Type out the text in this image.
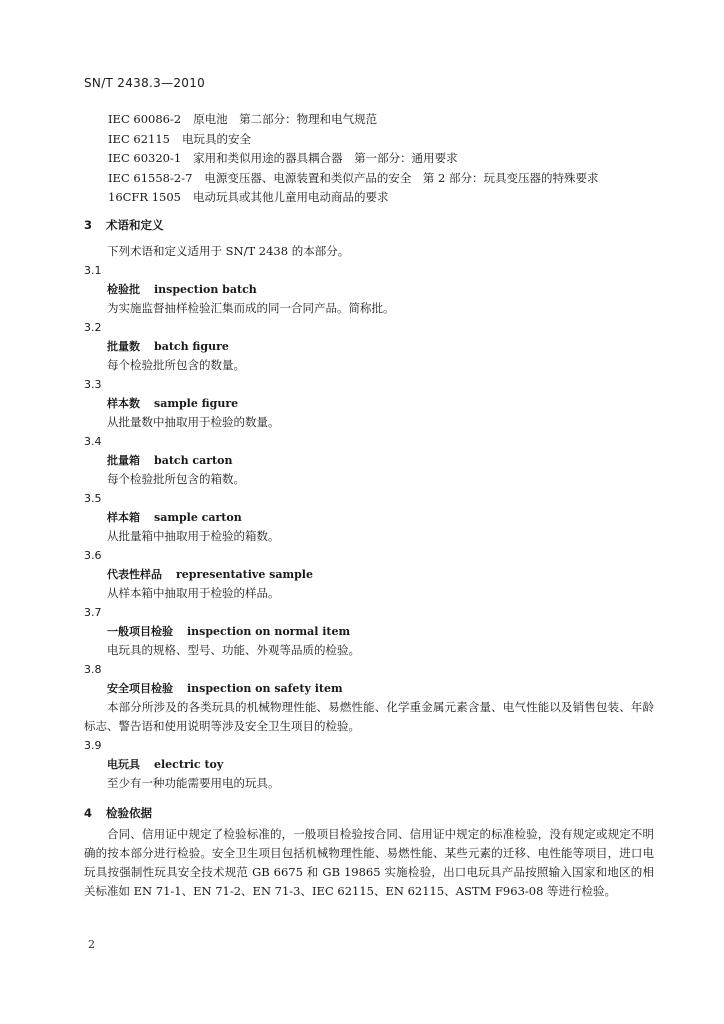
SN/T 2438.3—2010
IEC 60086-2 原电池　第二部分：物理和电气规范
IEC 62115 电玩具的安全
IEC 60320-1 家用和类似用途的器具耦合器　第一部分：通用要求
IEC 61558-2-7 电源变压器、电源装置和类似产品的安全　第 2 部分：玩具变压器的特殊要求
16CFR 1505 电动玩具或其他儿童用电动商品的要求
3 术语和定义
下列术语和定义适用于 SN/T 2438 的本部分。
3.1
检验批 inspection batch
为实施监督抽样检验汇集而成的同一合同产品。简称批。
3.2
批量数 batch figure
每个检验批所包含的数量。
3.3
样本数 sample figure
从批量数中抽取用于检验的数量。
3.4
批量箱 batch carton
每个检验批所包含的箱数。
3.5
样本箱 sample carton
从批量箱中抽取用于检验的箱数。
3.6
代表性样品 representative sample
从样本箱中抽取用于检验的样品。
3.7
一般项目检验 inspection on normal item
电玩具的规格、型号、功能、外观等品质的检验。
3.8
安全项目检验 inspection on safety item
本部分所涉及的各类玩具的机械物理性能、易燃性能、化学重金属元素含量、电气性能以及销售包装、年龄标志、警告语和使用说明等涉及安全卫生项目的检验。
3.9
电玩具 electric toy
至少有一种功能需要用电的玩具。
4 检验依据
合同、信用证中规定了检验标准的，一般项目检验按合同、信用证中规定的标准检验，没有规定或规定不明确的按本部分进行检验。安全卫生项目包括机械物理性能、易燃性能、某些元素的迁移、电性能等项目，进口电玩具按强制性玩具安全技术规范 GB 6675 和 GB 19865 实施检验，出口电玩具产品按照输入国家和地区的相关标准如 EN 71-1、EN 71-2、EN 71-3、IEC 62115、EN 62115、ASTM F963-08 等进行检验。
2
